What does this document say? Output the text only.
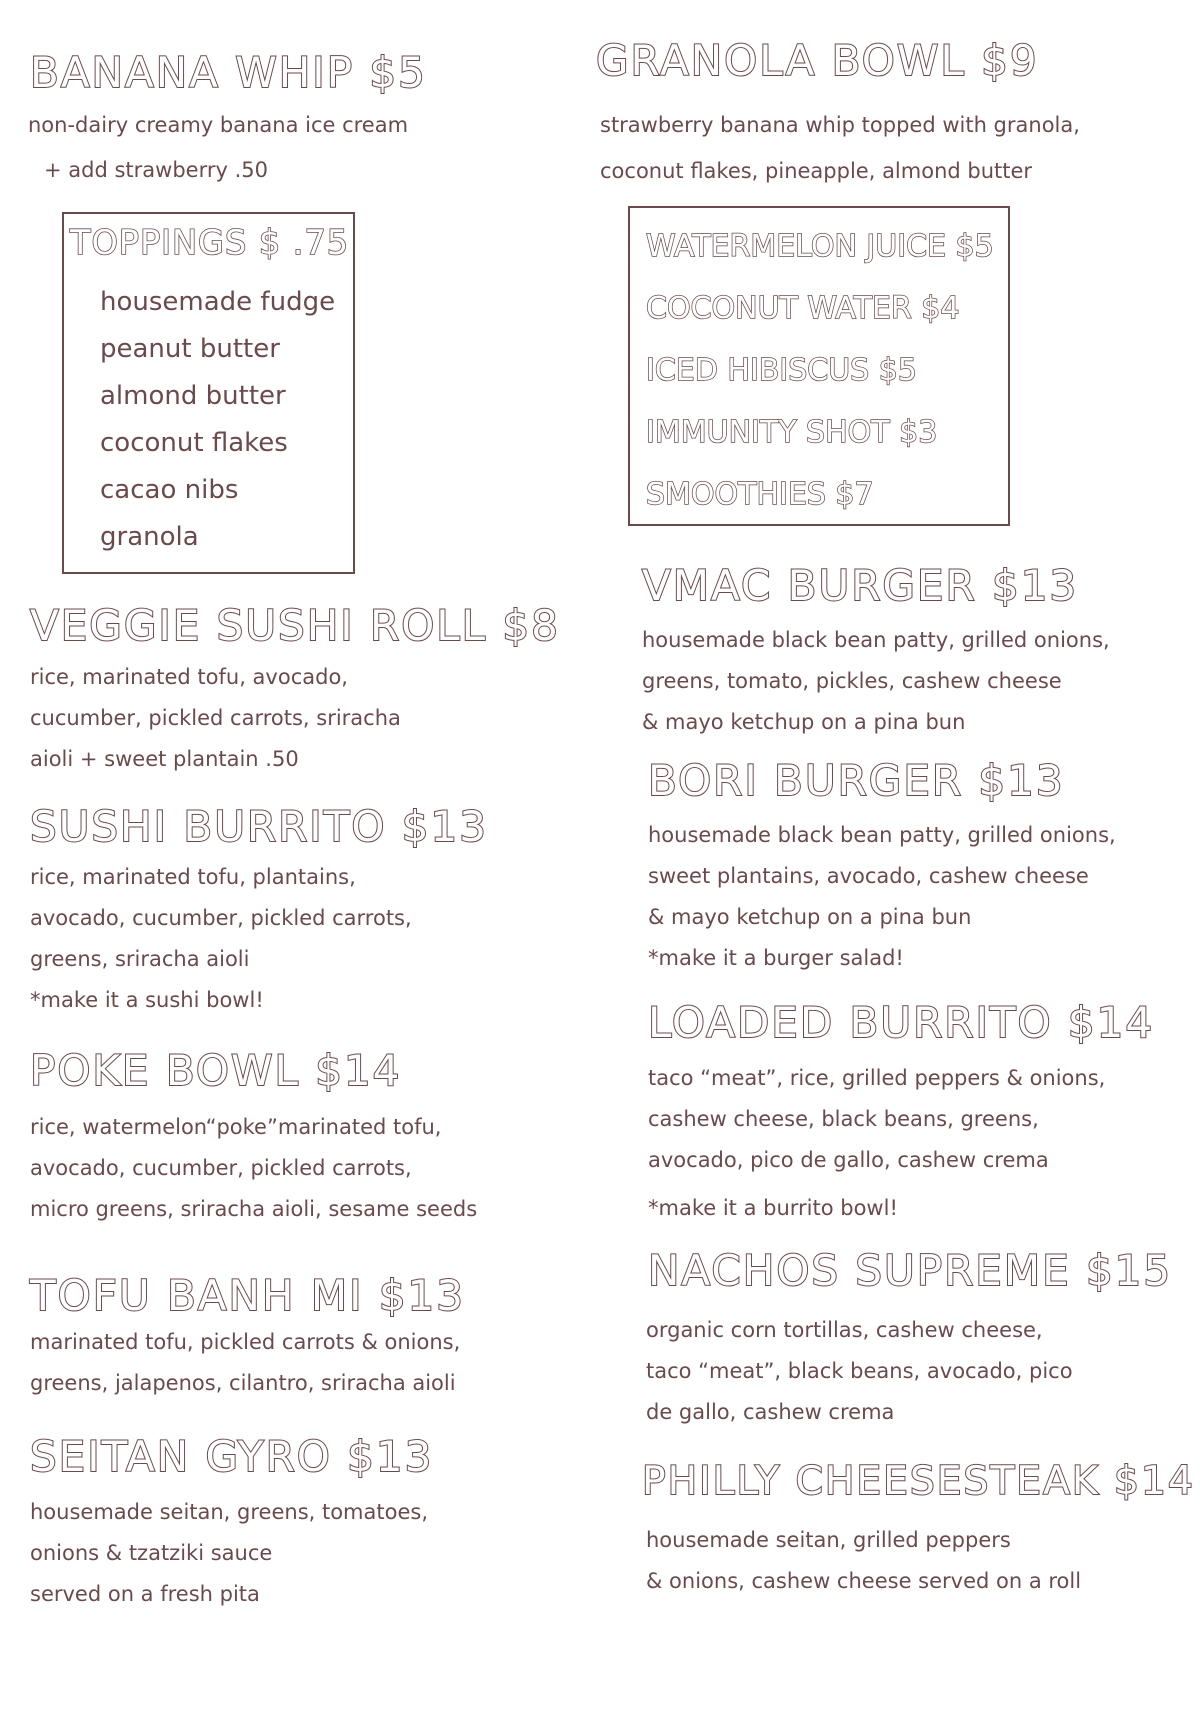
BANANA WHIP $5
non-dairy creamy banana ice cream
+ add strawberry .50
TOPPINGS $ .75
housemade fudge
peanut butter
almond butter
coconut flakes
cacao nibs
granola
VEGGIE SUSHI ROLL $8
rice, marinated tofu, avocado,
cucumber, pickled carrots, sriracha
aioli + sweet plantain .50
SUSHI BURRITO $13
rice, marinated tofu, plantains,
avocado, cucumber, pickled carrots,
greens, sriracha aioli
*make it a sushi bowl!
POKE BOWL $14
rice, watermelon“poke”marinated tofu,
avocado, cucumber, pickled carrots,
micro greens, sriracha aioli, sesame seeds
TOFU BANH MI $13
marinated tofu, pickled carrots & onions,
greens, jalapenos, cilantro, sriracha aioli
SEITAN GYRO $13
housemade seitan, greens, tomatoes,
onions & tzatziki sauce
served on a fresh pita
GRANOLA BOWL $9
strawberry banana whip topped with granola,
coconut flakes, pineapple, almond butter
WATERMELON JUICE $5
COCONUT WATER $4
ICED HIBISCUS $5
IMMUNITY SHOT $3
SMOOTHIES $7
VMAC BURGER $13
housemade black bean patty, grilled onions,
greens, tomato, pickles, cashew cheese
& mayo ketchup on a pina bun
BORI BURGER $13
housemade black bean patty, grilled onions,
sweet plantains, avocado, cashew cheese
& mayo ketchup on a pina bun
*make it a burger salad!
LOADED BURRITO $14
taco “meat”, rice, grilled peppers & onions,
cashew cheese, black beans, greens,
avocado, pico de gallo, cashew crema
*make it a burrito bowl!
NACHOS SUPREME $15
organic corn tortillas, cashew cheese,
taco “meat”, black beans, avocado, pico
de gallo, cashew crema
PHILLY CHEESESTEAK $14
housemade seitan, grilled peppers
& onions, cashew cheese served on a roll
